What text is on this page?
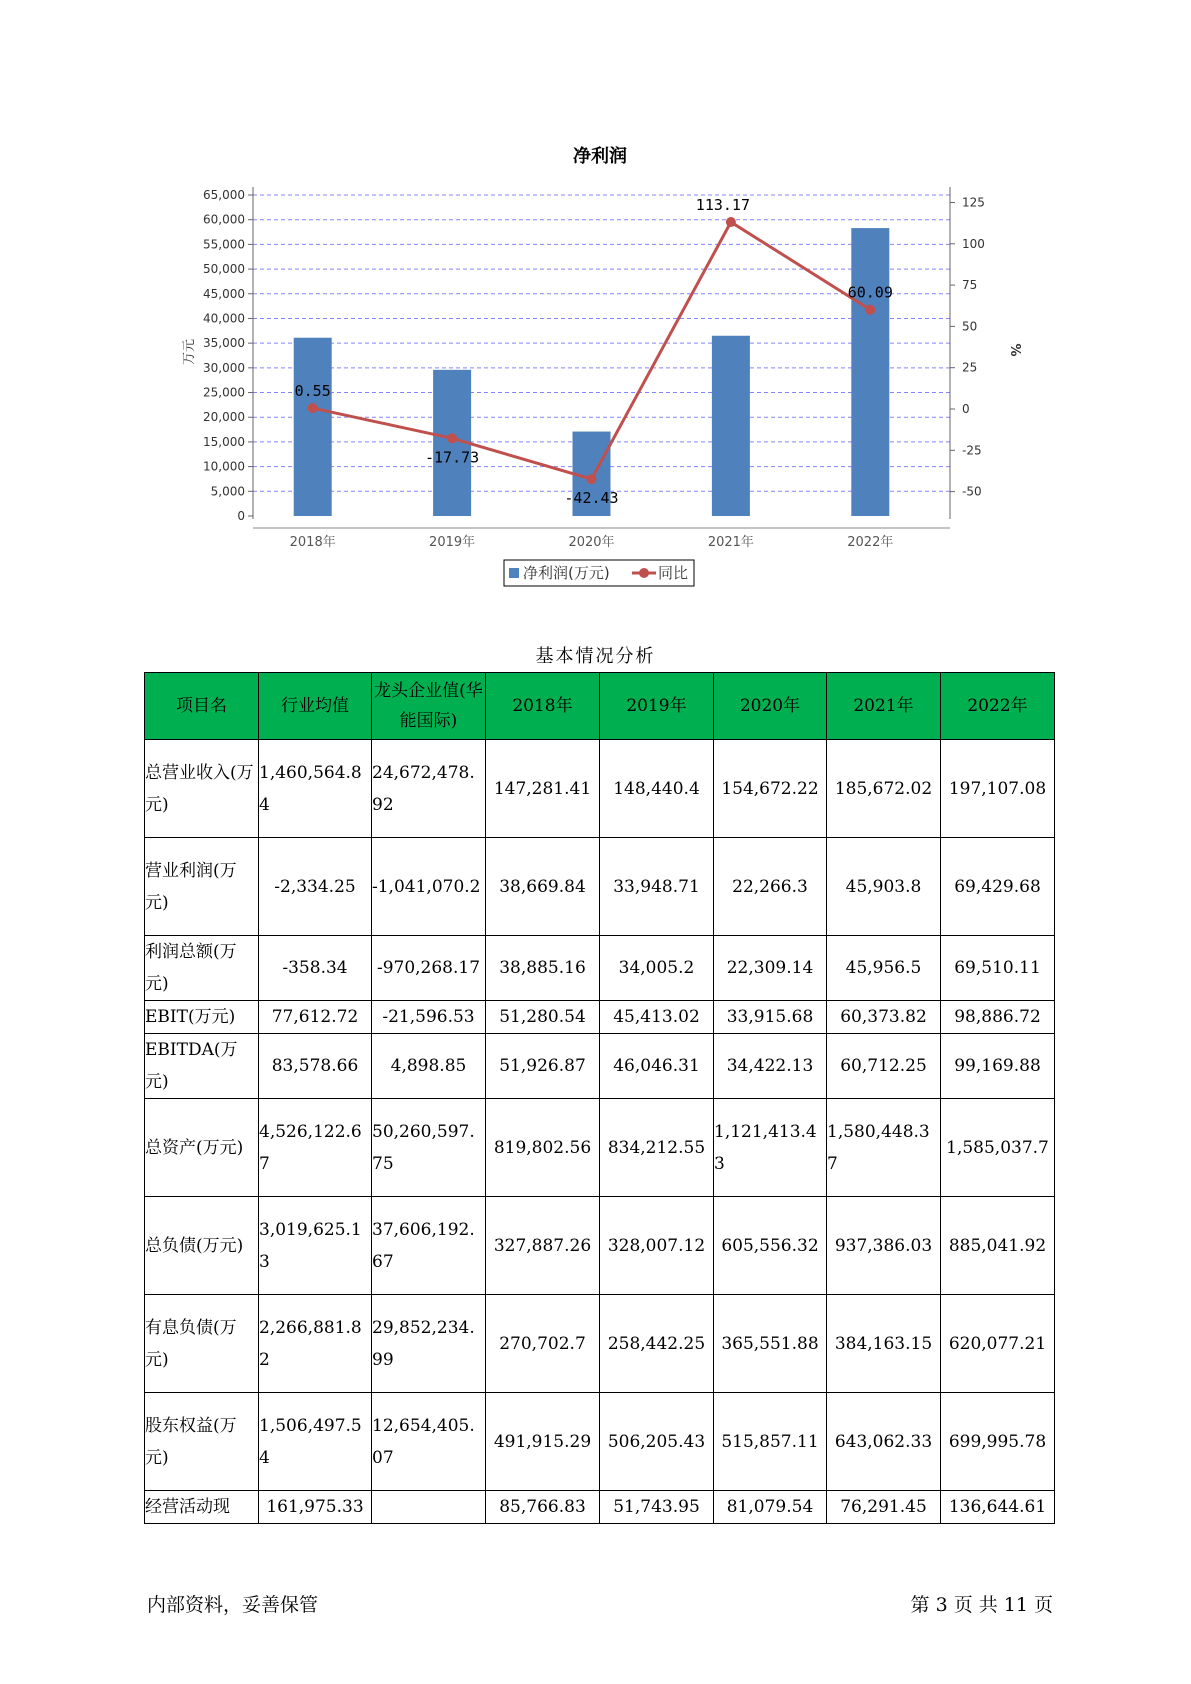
净利润
0
5,000
10,000
15,000
20,000
25,000
30,000
35,000
40,000
45,000
50,000
55,000
60,000
65,000
万元
-50
-25
0
25
50
75
100
125
%
2018年	2019年	2020年	2021年	2022年
0.55
-17.73
-42.43
113.17
60.09
净利润(万元)	同比
基本情况分析
项目名	行业均值	龙头企业值(华能国际)	2018年	2019年	2020年	2021年	2022年
总营业收入(万元)	1,460,564.84	24,672,478.92	147,281.41	148,440.4	154,672.22	185,672.02	197,107.08
营业利润(万元)	-2,334.25	-1,041,070.2	38,669.84	33,948.71	22,266.3	45,903.8	69,429.68
利润总额(万元)	-358.34	-970,268.17	38,885.16	34,005.2	22,309.14	45,956.5	69,510.11
EBIT(万元)	77,612.72	-21,596.53	51,280.54	45,413.02	33,915.68	60,373.82	98,886.72
EBITDA(万元)	83,578.66	4,898.85	51,926.87	46,046.31	34,422.13	60,712.25	99,169.88
总资产(万元)	4,526,122.67	50,260,597.75	819,802.56	834,212.55	1,121,413.43	1,580,448.37	1,585,037.7
总负债(万元)	3,019,625.13	37,606,192.67	327,887.26	328,007.12	605,556.32	937,386.03	885,041.92
有息负债(万元)	2,266,881.82	29,852,234.99	270,702.7	258,442.25	365,551.88	384,163.15	620,077.21
股东权益(万元)	1,506,497.54	12,654,405.07	491,915.29	506,205.43	515,857.11	643,062.33	699,995.78
经营活动现	161,975.33		85,766.83	51,743.95	81,079.54	76,291.45	136,644.61
内部资料，妥善保管	第 3 页 共 11 页
